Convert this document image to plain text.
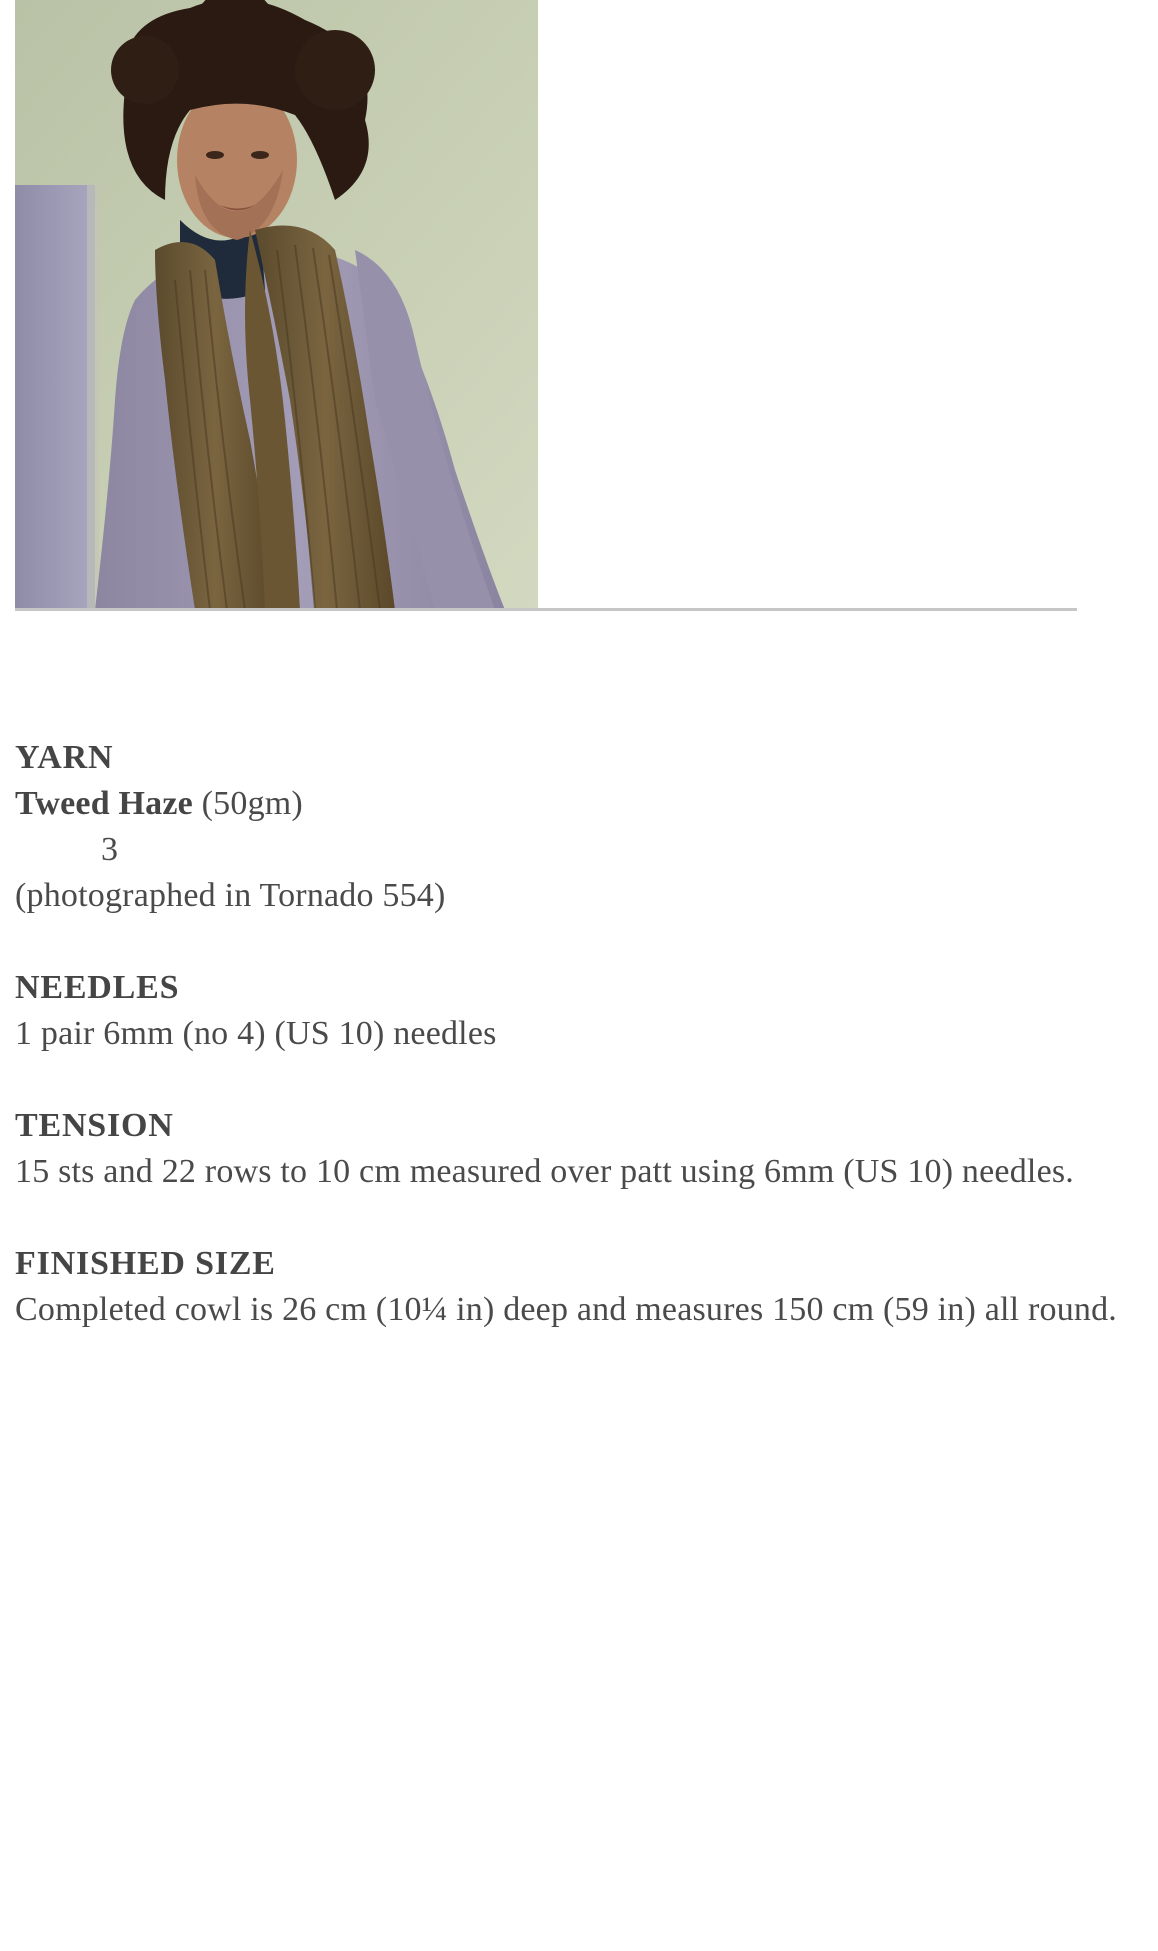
YARN

Tweed Haze (50gm)

3

(photographed in Tornado 554)

NEEDLES

1 pair 6mm (no 4) (US 10) needles

TENSION

15 sts and 22 rows to 10 cm measured over patt using 6mm (US 10) needles.

FINISHED SIZE

Completed cowl is 26 cm (10¼ in) deep and measures 150 cm (59 in) all round.
